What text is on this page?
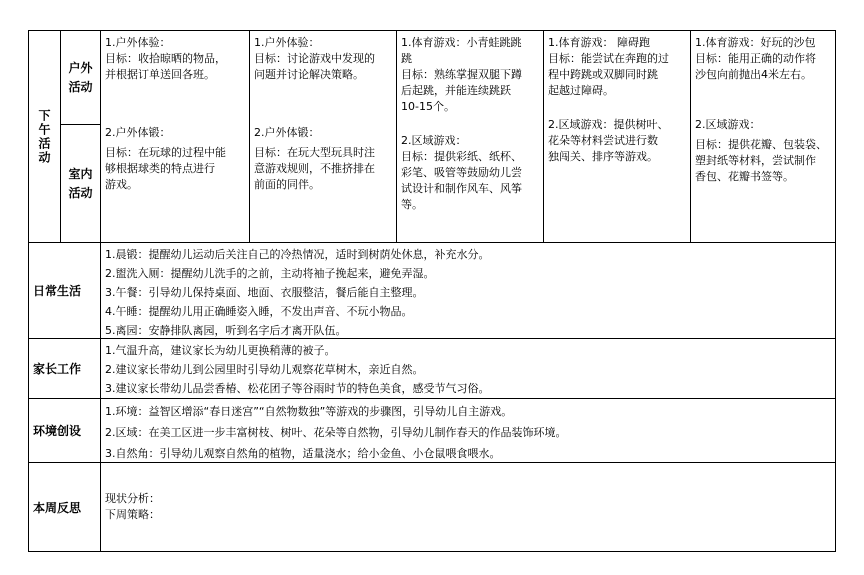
下午活动
户外活动
室内活动

1.户外体验：

目标：收拾晾晒的物品，

并根据订单送回各班。

2.户外体锻：

目标：在玩球的过程中能

够根据球类的特点进行

游戏。

1.户外体验：

目标：讨论游戏中发现的

问题并讨论解决策略。

2.户外体锻：

目标：在玩大型玩具时注

意游戏规则，不推挤排在

前面的同伴。

1.体育游戏：小青蛙跳跳

跳

目标：熟练掌握双腿下蹲

后起跳，并能连续跳跃

10-15个。

2.区域游戏：

目标：提供彩纸、纸杯、

彩笔、吸管等鼓励幼儿尝

试设计和制作风车、风筝

等。

1.体育游戏： 障碍跑

目标：能尝试在奔跑的过

程中跨跳或双脚同时跳

起越过障碍。

2.区域游戏：提供树叶、

花朵等材料尝试进行数

独闯关、排序等游戏。

1.体育游戏：好玩的沙包

目标：能用正确的动作将

沙包向前抛出4米左右。

2.区域游戏：

目标：提供花瓣、包装袋、

塑封纸等材料，尝试制作

香包、花瓣书签等。

日常生活

1.晨锻：提醒幼儿运动后关注自己的冷热情况，适时到树荫处休息，补充水分。

2.盥洗入厕：提醒幼儿洗手的之前，主动将袖子挽起来，避免弄湿。

3.午餐：引导幼儿保持桌面、地面、衣服整洁，餐后能自主整理。

4.午睡：提醒幼儿用正确睡姿入睡，不发出声音、不玩小物品。

5.离园：安静排队离园，听到名字后才离开队伍。

家长工作

1.气温升高，建议家长为幼儿更换稍薄的被子。

2.建议家长带幼儿到公园里时引导幼儿观察花草树木，亲近自然。

3.建议家长带幼儿品尝香椿、松花团子等谷雨时节的特色美食，感受节气习俗。

环境创设

1.环境：益智区增添“春日迷宫”“自然物数独”等游戏的步骤图，引导幼儿自主游戏。

2.区域：在美工区进一步丰富树枝、树叶、花朵等自然物，引导幼儿制作春天的作品装饰环境。

3.自然角：引导幼儿观察自然角的植物，适量浇水；给小金鱼、小仓鼠喂食喂水。

本周反思

现状分析：

下周策略：
